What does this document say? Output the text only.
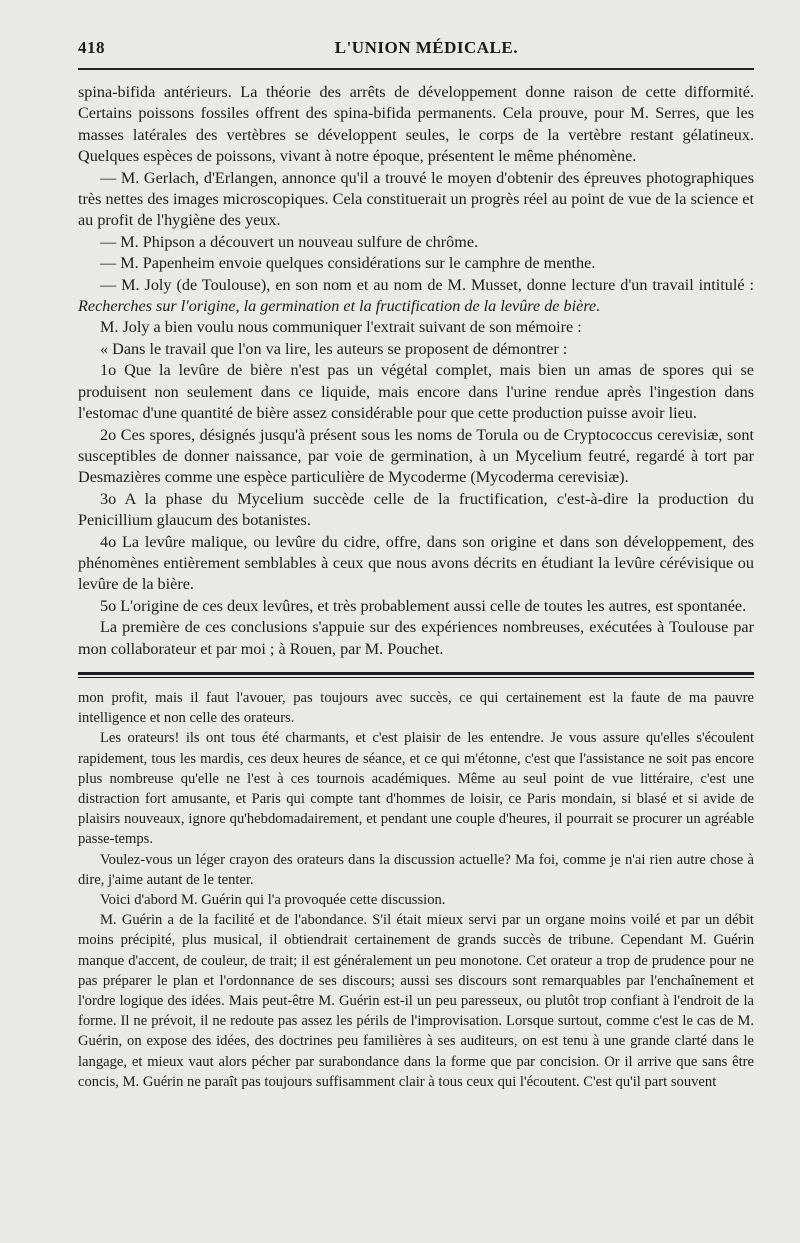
418	L'UNION MÉDICALE.

spina-bifida antérieurs. La théorie des arrêts de développement donne raison de cette difformité. Certains poissons fossiles offrent des spina-bifida permanents. Cela prouve, pour M. Serres, que les masses latérales des vertèbres se développent seules, le corps de la vertèbre restant gélatineux. Quelques espèces de poissons, vivant à notre époque, présentent le même phénomène.

— M. Gerlach, d'Erlangen, annonce qu'il a trouvé le moyen d'obtenir des épreuves photographiques très nettes des images microscopiques. Cela constituerait un progrès réel au point de vue de la science et au profit de l'hygiène des yeux.

— M. Phipson a découvert un nouveau sulfure de chrôme.

— M. Papenheim envoie quelques considérations sur le camphre de menthe.

— M. Joly (de Toulouse), en son nom et au nom de M. Musset, donne lecture d'un travail intitulé : Recherches sur l'origine, la germination et la fructification de la levûre de bière.

M. Joly a bien voulu nous communiquer l'extrait suivant de son mémoire :

« Dans le travail que l'on va lire, les auteurs se proposent de démontrer :

1o Que la levûre de bière n'est pas un végétal complet, mais bien un amas de spores qui se produisent non seulement dans ce liquide, mais encore dans l'urine rendue après l'ingestion dans l'estomac d'une quantité de bière assez considérable pour que cette production puisse avoir lieu.

2o Ces spores, désignés jusqu'à présent sous les noms de Torula ou de Cryptococcus cerevisiæ, sont susceptibles de donner naissance, par voie de germination, à un Mycelium feutré, regardé à tort par Desmazières comme une espèce particulière de Mycoderme (Mycoderma cerevisiæ).

3o A la phase du Mycelium succède celle de la fructification, c'est-à-dire la production du Penicillium glaucum des botanistes.

4o La levûre malique, ou levûre du cidre, offre, dans son origine et dans son développement, des phénomènes entièrement semblables à ceux que nous avons décrits en étudiant la levûre cérévisique ou levûre de la bière.

5o L'origine de ces deux levûres, et très probablement aussi celle de toutes les autres, est spontanée.

La première de ces conclusions s'appuie sur des expériences nombreuses, exécutées à Toulouse par mon collaborateur et par moi ; à Rouen, par M. Pouchet.

mon profit, mais il faut l'avouer, pas toujours avec succès, ce qui certainement est la faute de ma pauvre intelligence et non celle des orateurs.

Les orateurs! ils ont tous été charmants, et c'est plaisir de les entendre. Je vous assure qu'elles s'écoulent rapidement, tous les mardis, ces deux heures de séance, et ce qui m'étonne, c'est que l'assistance ne soit pas encore plus nombreuse qu'elle ne l'est à ces tournois académiques. Même au seul point de vue littéraire, c'est une distraction fort amusante, et Paris qui compte tant d'hommes de loisir, ce Paris mondain, si blasé et si avide de plaisirs nouveaux, ignore qu'hebdomadairement, et pendant une couple d'heures, il pourrait se procurer un agréable passe-temps.

Voulez-vous un léger crayon des orateurs dans la discussion actuelle? Ma foi, comme je n'ai rien autre chose à dire, j'aime autant de le tenter.

Voici d'abord M. Guérin qui l'a provoquée cette discussion.

M. Guérin a de la facilité et de l'abondance. S'il était mieux servi par un organe moins voilé et par un débit moins précipité, plus musical, il obtiendrait certainement de grands succès de tribune. Cependant M. Guérin manque d'accent, de couleur, de trait; il est généralement un peu monotone. Cet orateur a trop de prudence pour ne pas préparer le plan et l'ordonnance de ses discours; aussi ses discours sont remarquables par l'enchaînement et l'ordre logique des idées. Mais peut-être M. Guérin est-il un peu paresseux, ou plutôt trop confiant à l'endroit de la forme. Il ne prévoit, il ne redoute pas assez les périls de l'improvisation. Lorsque surtout, comme c'est le cas de M. Guérin, on expose des idées, des doctrines peu familières à ses auditeurs, on est tenu à une grande clarté dans le langage, et mieux vaut alors pécher par surabondance dans la forme que par concision. Or il arrive que sans être concis, M. Guérin ne paraît pas toujours suffisamment clair à tous ceux qui l'écoutent. C'est qu'il part souvent
